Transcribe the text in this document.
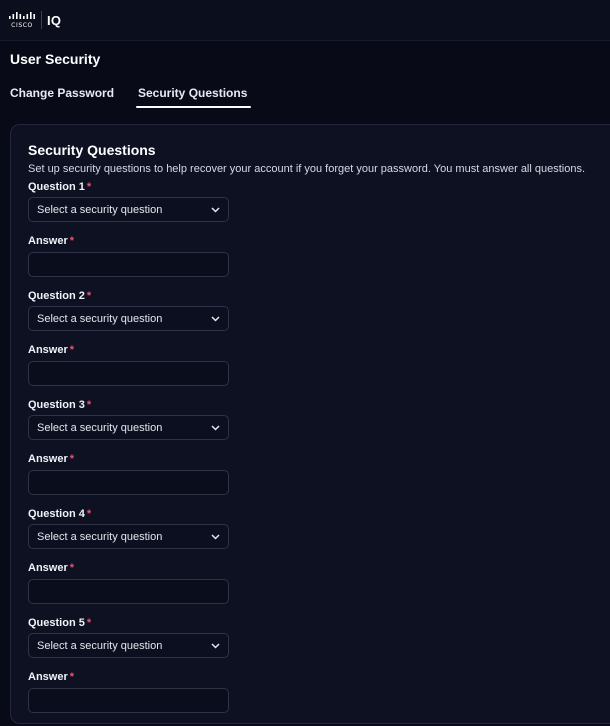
CISCO IQ
User Security
Change Password	Security Questions
Security Questions

Set up security questions to help recover your account if you forget your password. You must answer all questions.

Question 1 *
Select a security question
Answer *
Question 2 *
Select a security question
Answer *
Question 3 *
Select a security question
Answer *
Question 4 *
Select a security question
Answer *
Question 5 *
Select a security question
Answer *
